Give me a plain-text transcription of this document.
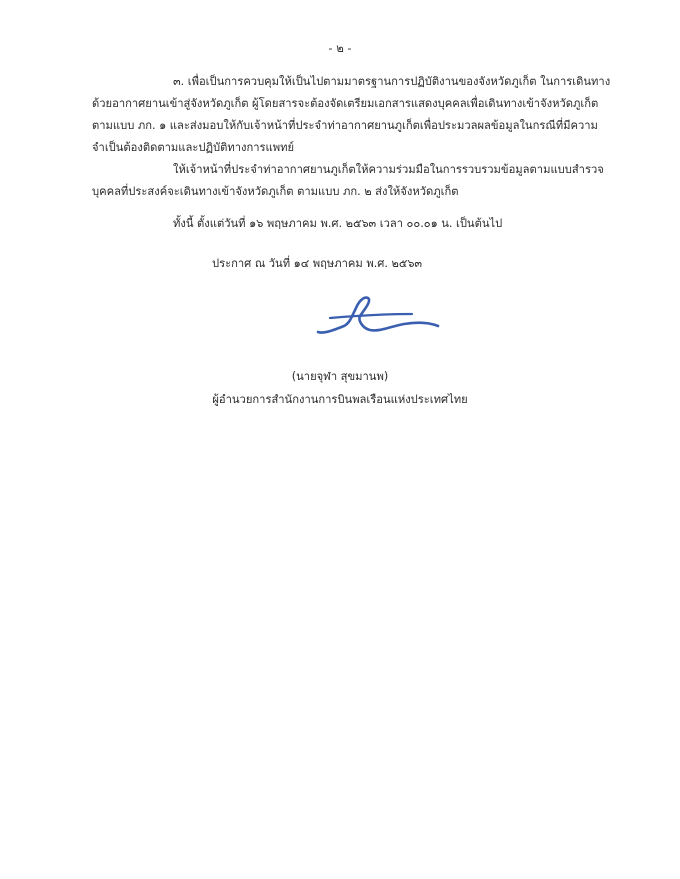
- ๒ -
๓. เพื่อเป็นการควบคุมให้เป็นไปตามมาตรฐานการปฏิบัติงานของจังหวัดภูเก็ต ในการเดินทาง
ด้วยอากาศยานเข้าสู่จังหวัดภูเก็ต ผู้โดยสารจะต้องจัดเตรียมเอกสารแสดงบุคคลเพื่อเดินทางเข้าจังหวัดภูเก็ต
ตามแบบ ภก. ๑ และส่งมอบให้กับเจ้าหน้าที่ประจำท่าอากาศยานภูเก็ตเพื่อประมวลผลข้อมูลในกรณีที่มีความ
จำเป็นต้องติดตามและปฏิบัติทางการแพทย์
ให้เจ้าหน้าที่ประจำท่าอากาศยานภูเก็ตให้ความร่วมมือในการรวบรวมข้อมูลตามแบบสำรวจ
บุคคลที่ประสงค์จะเดินทางเข้าจังหวัดภูเก็ต ตามแบบ ภก. ๒ ส่งให้จังหวัดภูเก็ต
ทั้งนี้ ตั้งแต่วันที่ ๑๖ พฤษภาคม พ.ศ. ๒๕๖๓ เวลา ๐๐.๐๑ น. เป็นต้นไป
ประกาศ ณ วันที่ ๑๔ พฤษภาคม พ.ศ. ๒๕๖๓
(นายจุฬา สุขมานพ)
ผู้อำนวยการสำนักงานการบินพลเรือนแห่งประเทศไทย
